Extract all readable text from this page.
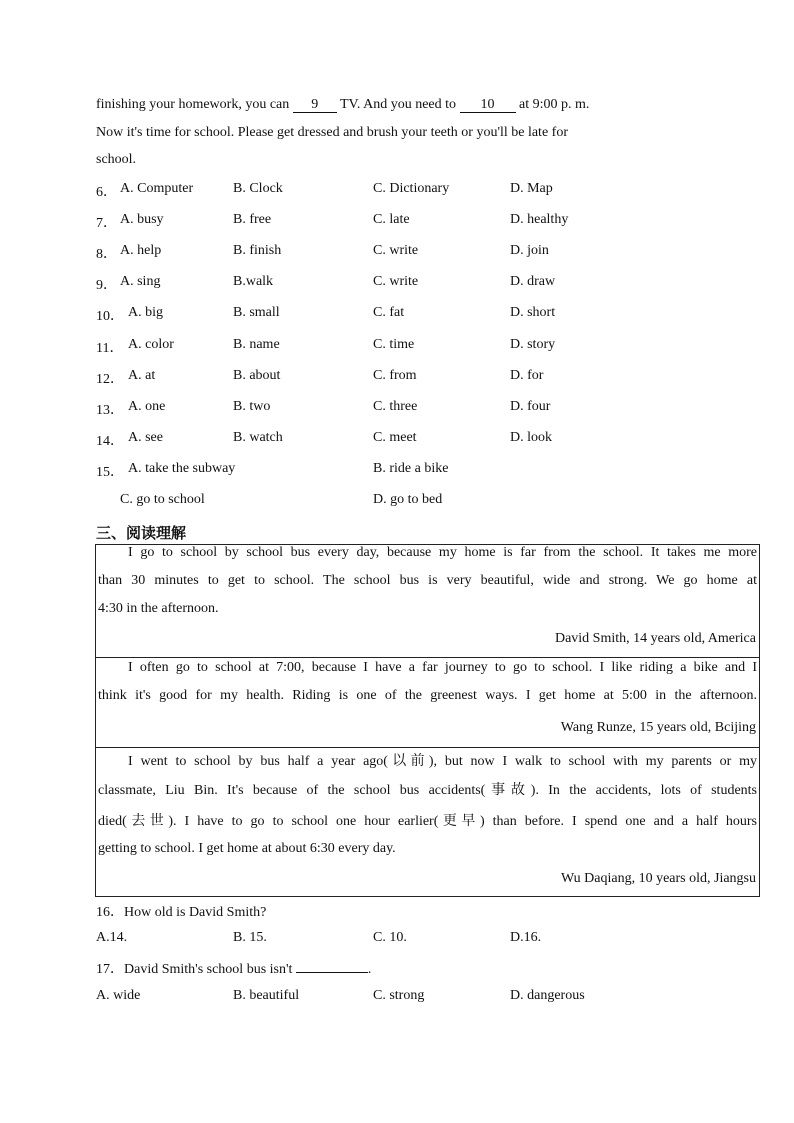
finishing your homework, you can 9 TV. And you need to 10 at 9:00 p. m.
Now it's time for school. Please get dressed and brush your teeth or you'll be late for
school.
6． A. Computer	B. Clock	C. Dictionary	D. Map
7． A. busy	B. free	C. late	D. healthy
8． A. help	B. finish	C. write	D. join
9． A. sing	B.walk	C. write	D. draw
10． A. big	B. small	C. fat	D. short
11． A. color	B. name	C. time	D. story
12． A. at	B. about	C. from	D. for
13． A. one	B. two	C. three	D. four
14． A. see	B. watch	C. meet	D. look
15． A. take the subway	B. ride a bike
C. go to school	D. go to bed
三、阅读理解
I go to school by school bus every day, because my home is far from the school. It takes me more
than 30 minutes to get to school. The school bus is very beautiful, wide and strong. We go home at
4:30 in the afternoon.
David Smith, 14 years old, America
I often go to school at 7:00, because I have a far journey to go to school. I like riding a bike and I
think it's good for my health. Riding is one of the greenest ways. I get home at 5:00 in the afternoon.
Wang Runze, 15 years old, Bcijing
I went to school by bus half a year ago(以前), but now I walk to school with my parents or my
classmate, Liu Bin. It's because of the school bus accidents(事故). In the accidents, lots of students
died(去世). I have to go to school one hour earlier(更早) than before. I spend one and a half hours
getting to school. I get home at about 6:30 every day.
Wu Daqiang, 10 years old, Jiangsu
16．How old is David Smith?
A.14.	B. 15.	C. 10.	D.16.
17．David Smith's school bus isn't	.
A. wide	B. beautiful	C. strong	D. dangerous
